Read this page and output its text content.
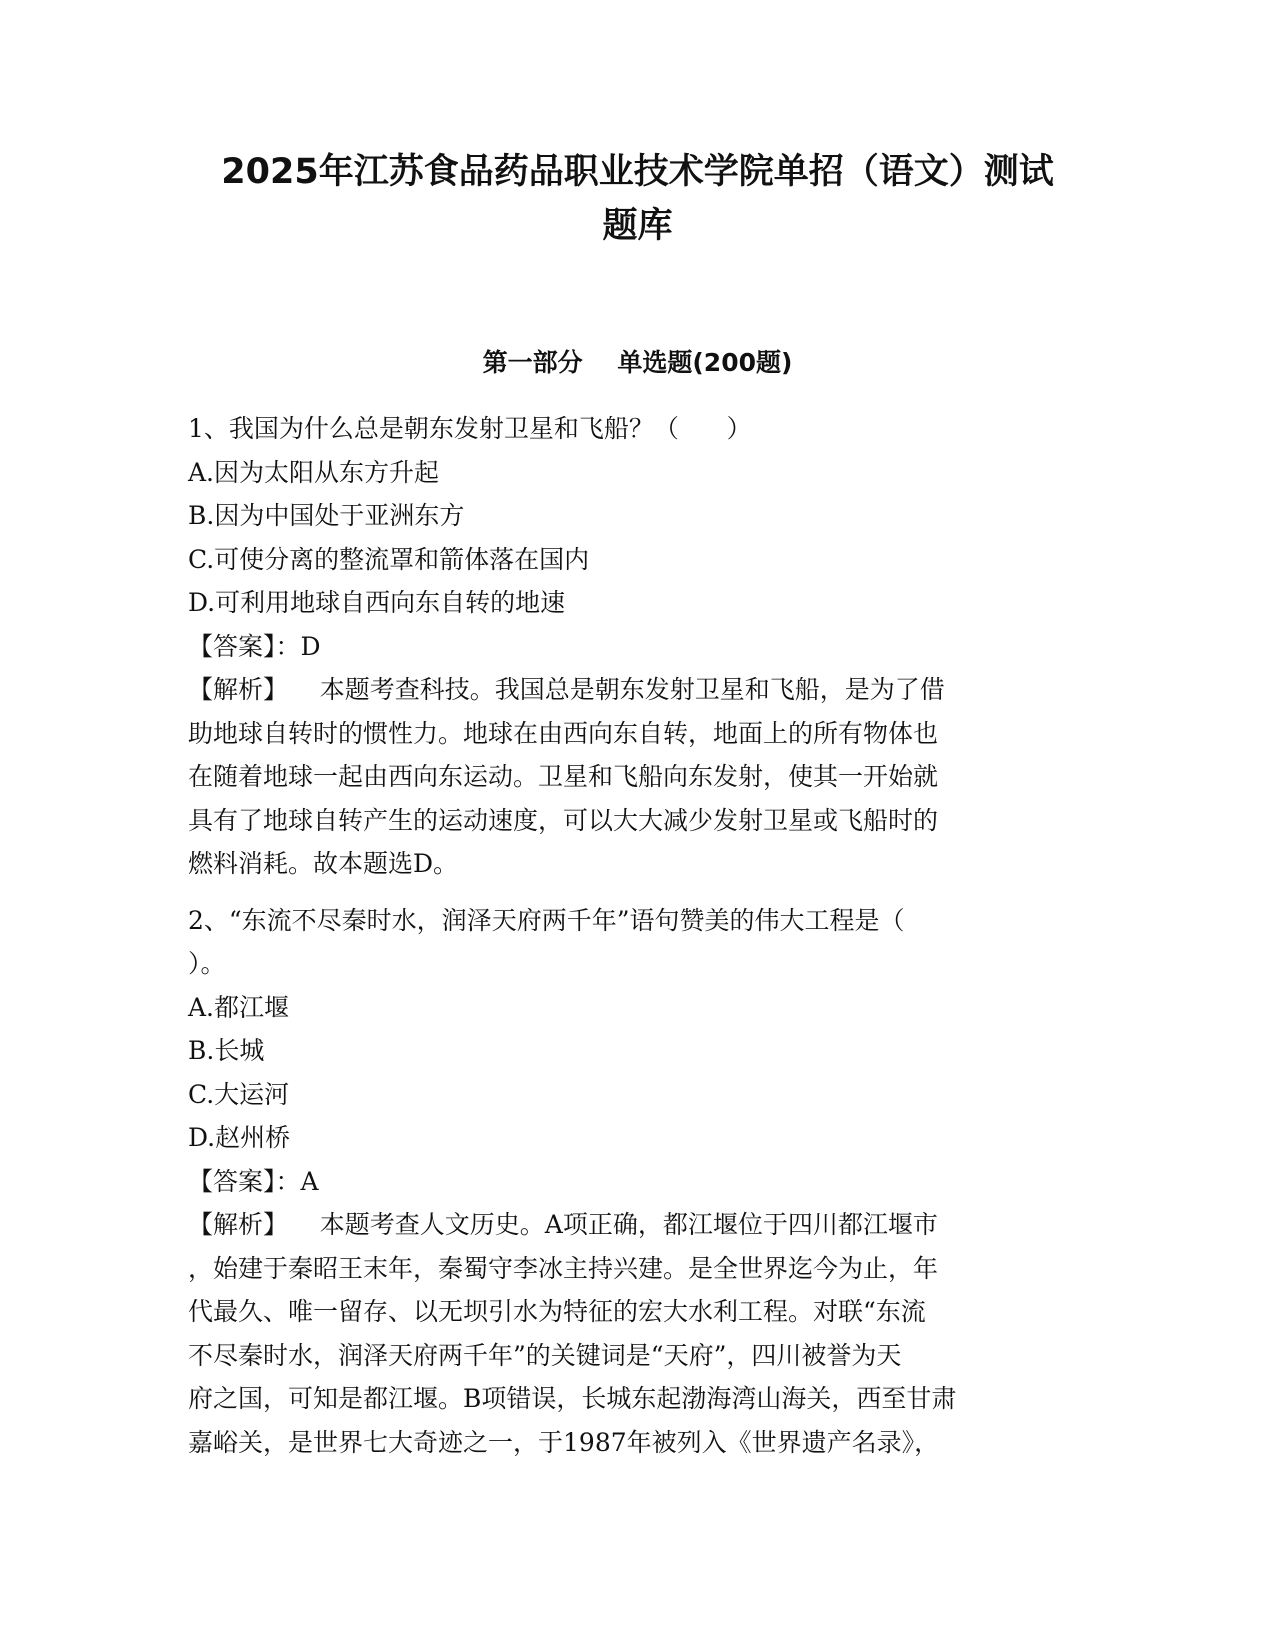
2025年江苏食品药品职业技术学院单招（语文）测试
题库
第一部分    单选题(200题)
1、我国为什么总是朝东发射卫星和飞船？（      ）
A.因为太阳从东方升起
B.因为中国处于亚洲东方
C.可使分离的整流罩和箭体落在国内
D.可利用地球自西向东自转的地速
【答案】：D
【解析】    本题考查科技。我国总是朝东发射卫星和飞船，是为了借
助地球自转时的惯性力。地球在由西向东自转，地面上的所有物体也
在随着地球一起由西向东运动。卫星和飞船向东发射，使其一开始就
具有了地球自转产生的运动速度，可以大大减少发射卫星或飞船时的
燃料消耗。故本题选D。
2、“东流不尽秦时水，润泽天府两千年”语句赞美的伟大工程是（
）。
A.都江堰
B.长城
C.大运河
D.赵州桥
【答案】：A
【解析】    本题考查人文历史。A项正确，都江堰位于四川都江堰市
，始建于秦昭王末年，秦蜀守李冰主持兴建。是全世界迄今为止，年
代最久、唯一留存、以无坝引水为特征的宏大水利工程。对联“东流
不尽秦时水，润泽天府两千年”的关键词是“天府”，四川被誉为天
府之国，可知是都江堰。B项错误，长城东起渤海湾山海关，西至甘肃
嘉峪关，是世界七大奇迹之一，于1987年被列入《世界遗产名录》，
